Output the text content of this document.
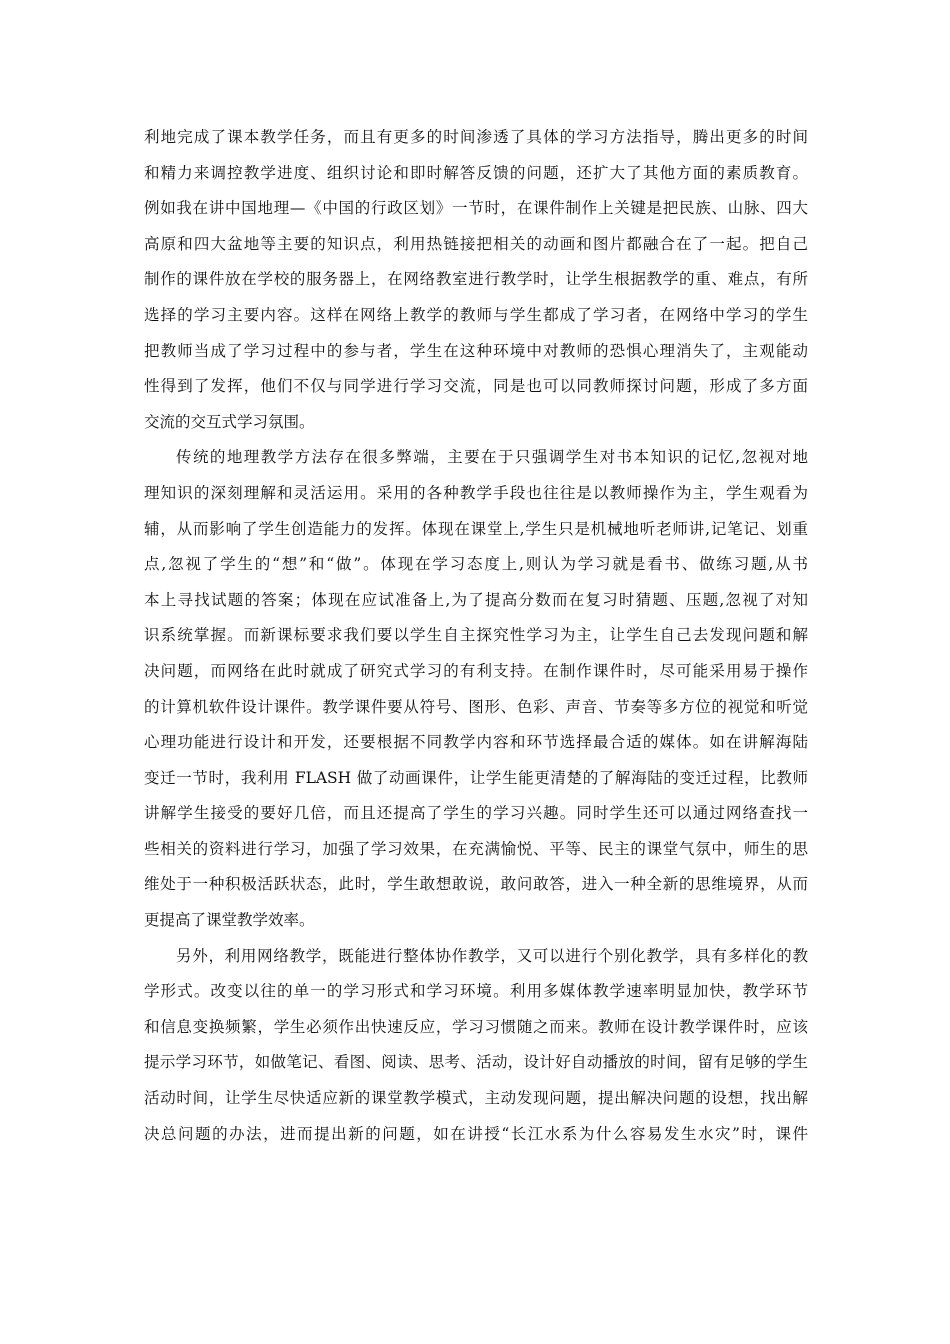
利地完成了课本教学任务，而且有更多的时间渗透了具体的学习方法指导，腾出更多的时间
和精力来调控教学进度、组织讨论和即时解答反馈的问题，还扩大了其他方面的素质教育。
例如我在讲中国地理—《中国的行政区划》一节时，在课件制作上关键是把民族、山脉、四大
高原和四大盆地等主要的知识点，利用热链接把相关的动画和图片都融合在了一起。把自己
制作的课件放在学校的服务器上，在网络教室进行教学时，让学生根据教学的重、难点，有所
选择的学习主要内容。这样在网络上教学的教师与学生都成了学习者，在网络中学习的学生
把教师当成了学习过程中的参与者，学生在这种环境中对教师的恐惧心理消失了，主观能动
性得到了发挥，他们不仅与同学进行学习交流，同是也可以同教师探讨问题，形成了多方面
交流的交互式学习氛围。
传统的地理教学方法存在很多弊端，主要在于只强调学生对书本知识的记忆,忽视对地
理知识的深刻理解和灵活运用。采用的各种教学手段也往往是以教师操作为主，学生观看为
辅，从而影响了学生创造能力的发挥。体现在课堂上,学生只是机械地听老师讲,记笔记、划重
点,忽视了学生的“想”和“做”。体现在学习态度上,则认为学习就是看书、做练习题,从书
本上寻找试题的答案；体现在应试准备上,为了提高分数而在复习时猜题、压题,忽视了对知
识系统掌握。而新课标要求我们要以学生自主探究性学习为主，让学生自己去发现问题和解
决问题，而网络在此时就成了研究式学习的有利支持。在制作课件时，尽可能采用易于操作
的计算机软件设计课件。教学课件要从符号、图形、色彩、声音、节奏等多方位的视觉和听觉
心理功能进行设计和开发，还要根据不同教学内容和环节选择最合适的媒体。如在讲解海陆
变迁一节时，我利用 FLASH 做了动画课件，让学生能更清楚的了解海陆的变迁过程，比教师
讲解学生接受的要好几倍，而且还提高了学生的学习兴趣。同时学生还可以通过网络查找一
些相关的资料进行学习，加强了学习效果，在充满愉悦、平等、民主的课堂气氛中，师生的思
维处于一种积极活跃状态，此时，学生敢想敢说，敢问敢答，进入一种全新的思维境界，从而
更提高了课堂教学效率。
另外，利用网络教学，既能进行整体协作教学，又可以进行个别化教学，具有多样化的教
学形式。改变以往的单一的学习形式和学习环境。利用多媒体教学速率明显加快，教学环节
和信息变换频繁，学生必须作出快速反应，学习习惯随之而来。教师在设计教学课件时，应该
提示学习环节，如做笔记、看图、阅读、思考、活动，设计好自动播放的时间，留有足够的学生
活动时间，让学生尽快适应新的课堂教学模式，主动发现问题，提出解决问题的设想，找出解
决总问题的办法，进而提出新的问题，如在讲授“长江水系为什么容易发生水灾”时，课件
